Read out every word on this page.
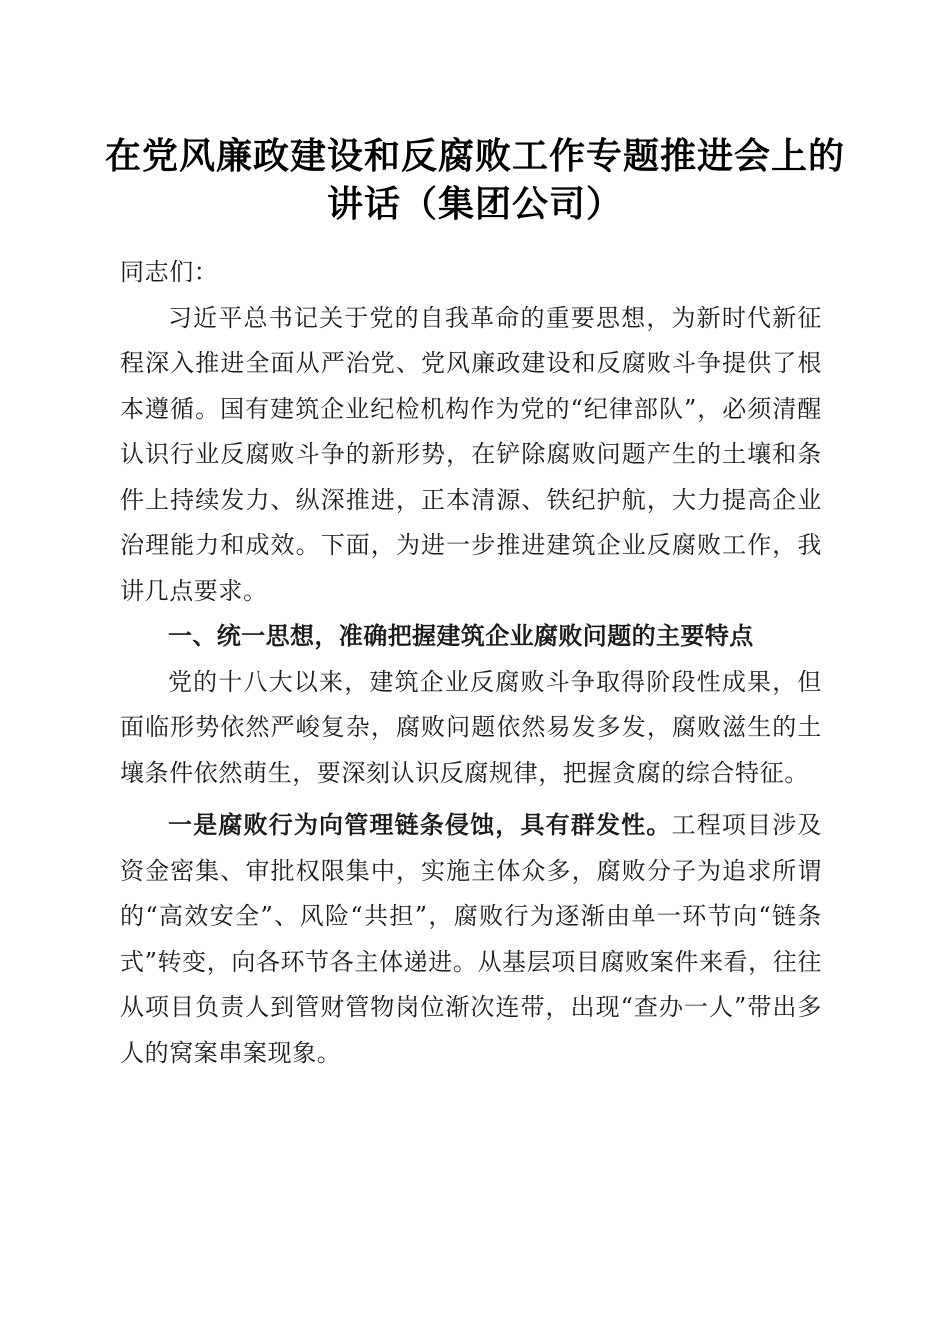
在党风廉政建设和反腐败工作专题推进会上的
讲话（集团公司）

同志们：

习近平总书记关于党的自我革命的重要思想，为新时代新征程深入推进全面从严治党、党风廉政建设和反腐败斗争提供了根本遵循。国有建筑企业纪检机构作为党的“纪律部队”，必须清醒认识行业反腐败斗争的新形势，在铲除腐败问题产生的土壤和条件上持续发力、纵深推进，正本清源、铁纪护航，大力提高企业治理能力和成效。下面，为进一步推进建筑企业反腐败工作，我讲几点要求。

一、统一思想，准确把握建筑企业腐败问题的主要特点

党的十八大以来，建筑企业反腐败斗争取得阶段性成果，但面临形势依然严峻复杂，腐败问题依然易发多发，腐败滋生的土壤条件依然萌生，要深刻认识反腐规律，把握贪腐的综合特征。

一是腐败行为向管理链条侵蚀，具有群发性。工程项目涉及资金密集、审批权限集中，实施主体众多，腐败分子为追求所谓的“高效安全”、风险“共担”，腐败行为逐渐由单一环节向“链条式”转变，向各环节各主体递进。从基层项目腐败案件来看，往往从项目负责人到管财管物岗位渐次连带，出现“查办一人”带出多人的窝案串案现象。
